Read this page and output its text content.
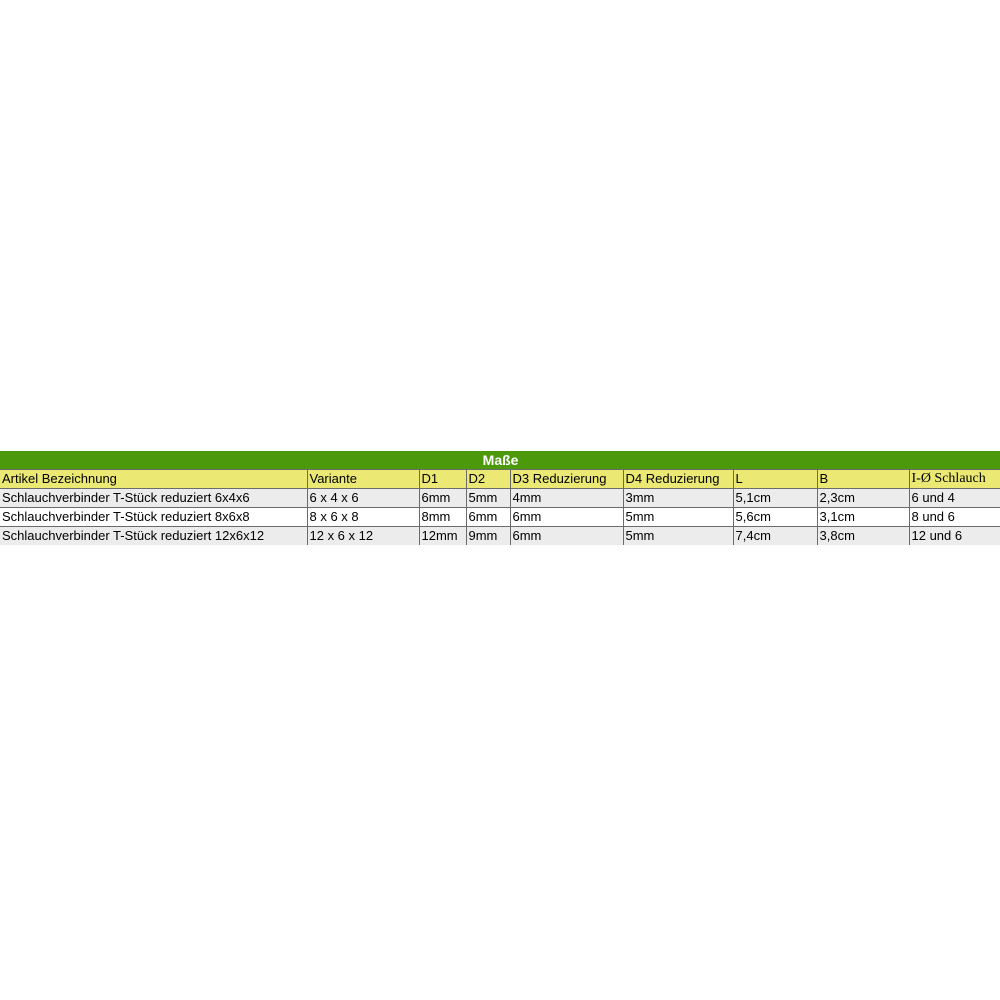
Maße								
Artikel Bezeichnung	Variante	D1	D2	D3 Reduzierung	D4 Reduzierung	L	B	I-Ø Schlauch
Schlauchverbinder T-Stück reduziert 6x4x6	6 x 4 x 6	6mm	5mm	4mm	3mm	5,1cm	2,3cm	6 und 4
Schlauchverbinder T-Stück reduziert 8x6x8	8 x 6 x 8	8mm	6mm	6mm	5mm	5,6cm	3,1cm	8 und 6
Schlauchverbinder T-Stück reduziert 12x6x12	12 x 6 x 12	12mm	9mm	6mm	5mm	7,4cm	3,8cm	12 und 6
